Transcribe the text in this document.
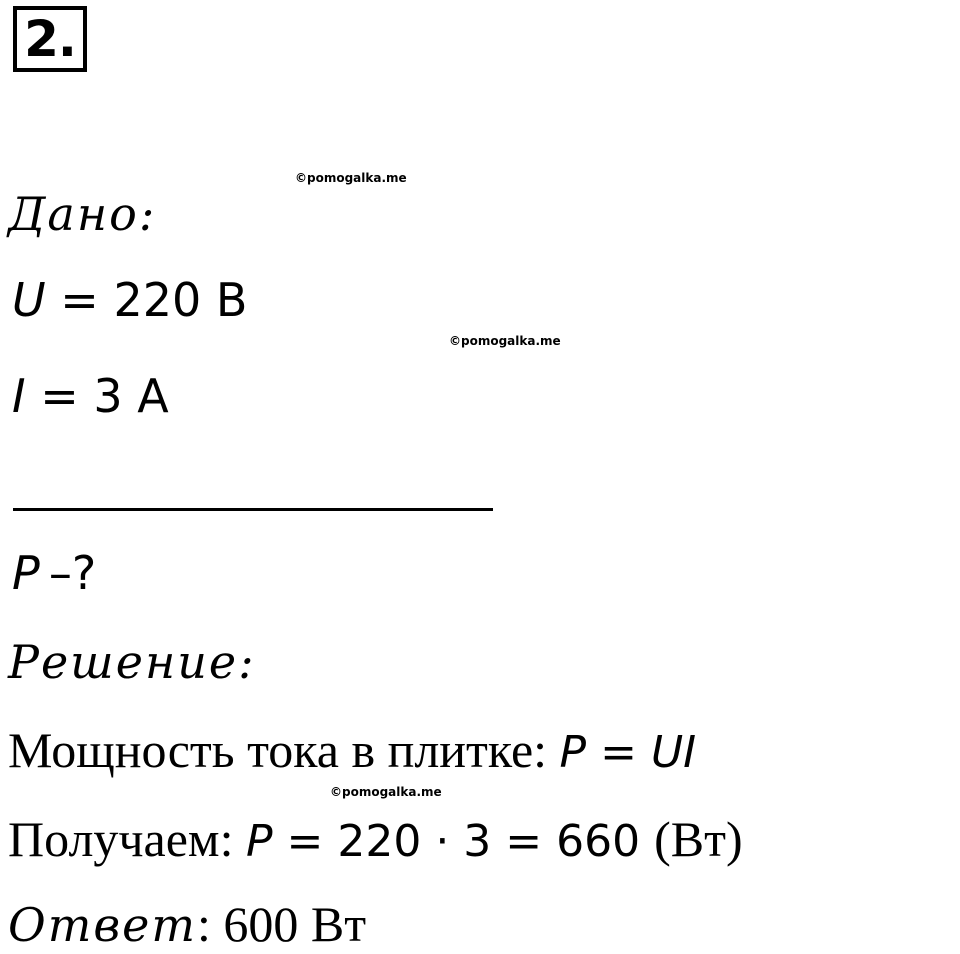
2.
©pomogalka.me
©pomogalka.me
©pomogalka.me
Дано:
U = 220 В
I = 3 А
P –?
Решение:
Мощность тока в плитке: P = UI
Получаем: P = 220 · 3 = 660 (Вт)
Ответ: 600 Вт
